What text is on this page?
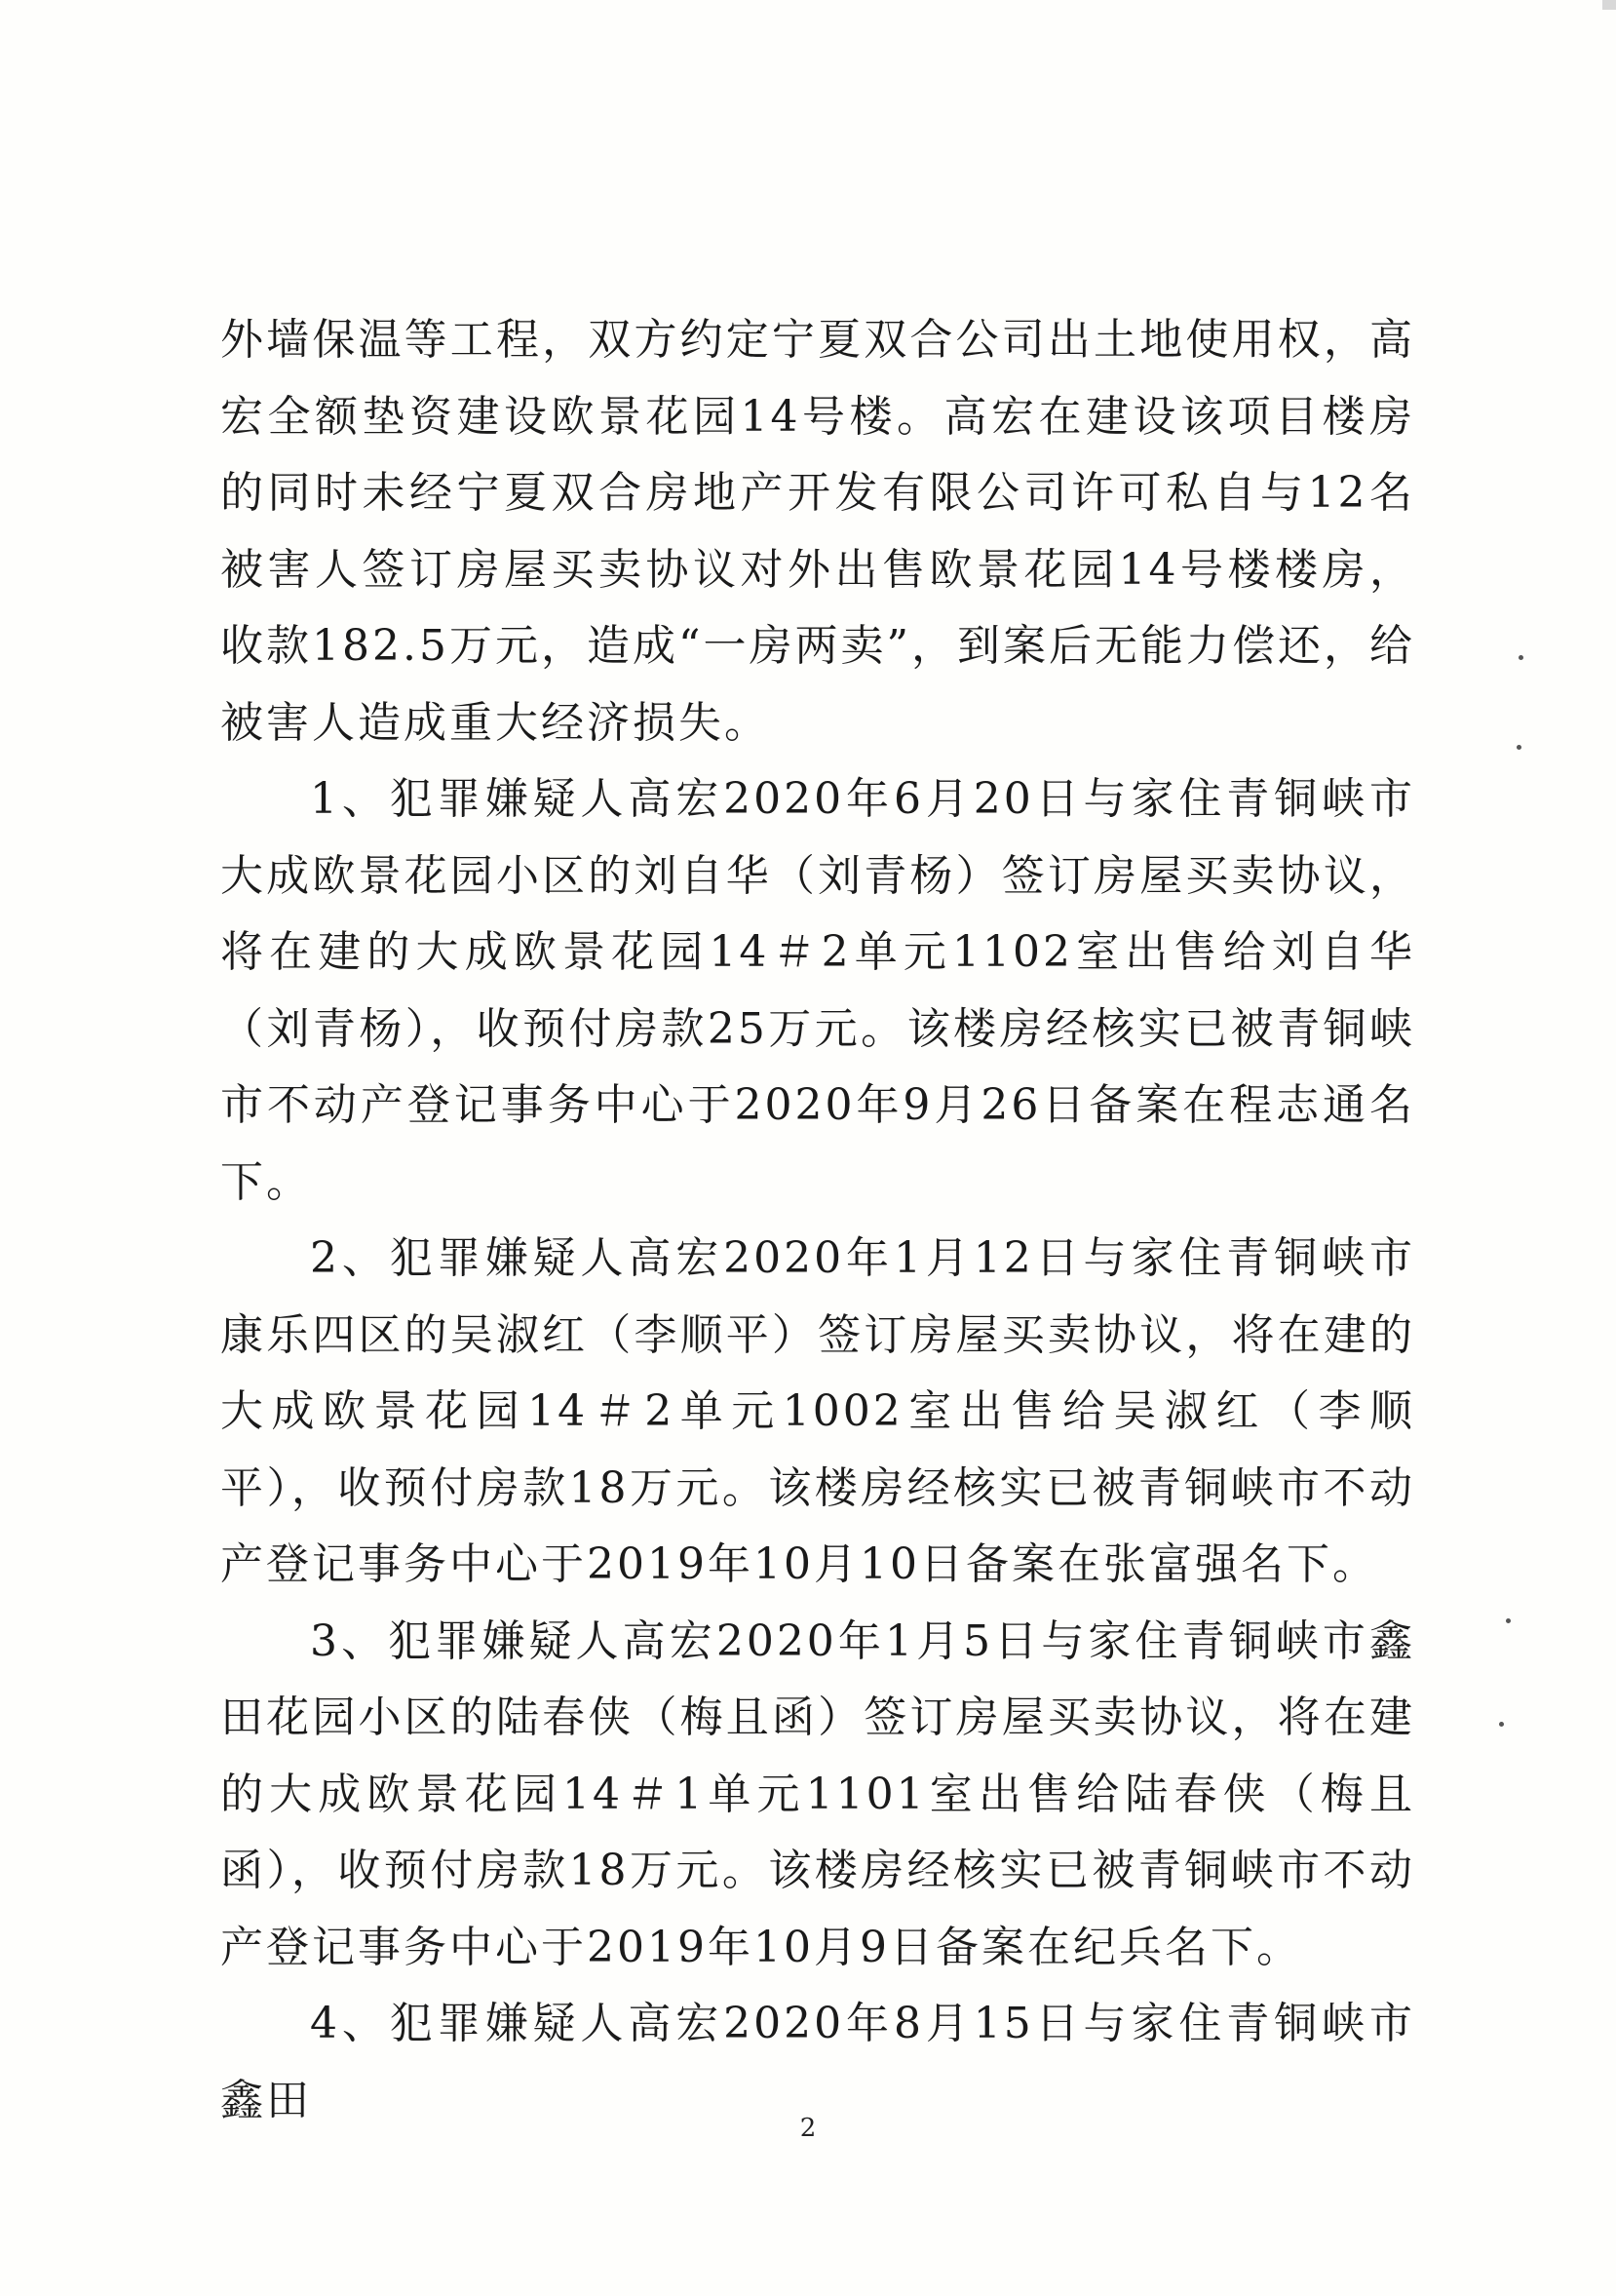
外墙保温等工程，双方约定宁夏双合公司出土地使用权，高宏全额垫资建设欧景花园14号楼。高宏在建设该项目楼房的同时未经宁夏双合房地产开发有限公司许可私自与12名被害人签订房屋买卖协议对外出售欧景花园14号楼楼房，收款182.5万元，造成“一房两卖”，到案后无能力偿还，给被害人造成重大经济损失。

1、犯罪嫌疑人高宏2020年6月20日与家住青铜峡市大成欧景花园小区的刘自华（刘青杨）签订房屋买卖协议，将在建的大成欧景花园14＃2单元1102室出售给刘自华（刘青杨），收预付房款25万元。该楼房经核实已被青铜峡市不动产登记事务中心于2020年9月26日备案在程志通名下。

2、犯罪嫌疑人高宏2020年1月12日与家住青铜峡市康乐四区的吴淑红（李顺平）签订房屋买卖协议，将在建的大成欧景花园14＃2单元1002室出售给吴淑红（李顺平），收预付房款18万元。该楼房经核实已被青铜峡市不动产登记事务中心于2019年10月10日备案在张富强名下。

3、犯罪嫌疑人高宏2020年1月5日与家住青铜峡市鑫田花园小区的陆春侠（梅且函）签订房屋买卖协议，将在建的大成欧景花园14＃1单元1101室出售给陆春侠（梅且函），收预付房款18万元。该楼房经核实已被青铜峡市不动产登记事务中心于2019年10月9日备案在纪兵名下。

4、犯罪嫌疑人高宏2020年8月15日与家住青铜峡市鑫田

2
